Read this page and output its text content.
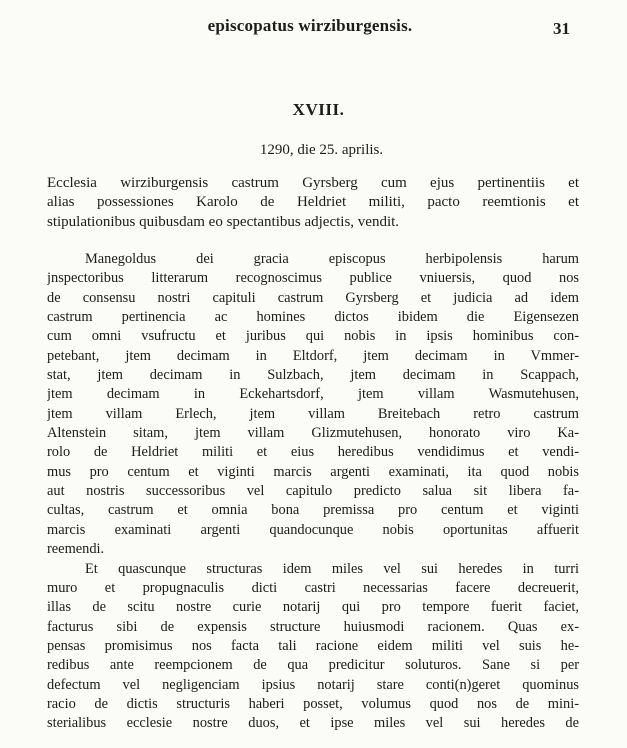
episcopatus wirziburgensis.	31
XVIII.
1290, die 25. aprilis.
Ecclesia wirziburgensis castrum Gyrsberg cum ejus pertinentiis et
alias possessiones Karolo de Heldriet militi, pacto reemtionis et
stipulationibus quibusdam eo spectantibus adjectis, vendit.
Manegoldus dei gracia episcopus herbipolensis harum
jnspectoribus litterarum recognoscimus publice vniuersis, quod nos
de consensu nostri capituli castrum Gyrsberg et judicia ad idem
castrum pertinencia ac homines dictos ibidem die Eigensezen
cum omni vsufructu et juribus qui nobis in ipsis hominibus con-
petebant, jtem decimam in Eltdorf, jtem decimam in Vmmer-
stat, jtem decimam in Sulzbach, jtem decimam in Scappach,
jtem decimam in Eckehartsdorf, jtem villam Wasmutehusen,
jtem villam Erlech, jtem villam Breitebach retro castrum
Altenstein sitam, jtem villam Glizmutehusen, honorato viro Ka-
rolo de Heldriet militi et eius heredibus vendidimus et vendi-
mus pro centum et viginti marcis argenti examinati, ita quod nobis
aut nostris successoribus vel capitulo predicto salua sit libera fa-
cultas, castrum et omnia bona premissa pro centum et viginti
marcis examinati argenti quandocunque nobis oportunitas affuerit
reemendi.
Et quascunque structuras idem miles vel sui heredes in turri
muro et propugnaculis dicti castri necessarias facere decreuerit,
illas de scitu nostre curie notarij qui pro tempore fuerit faciet,
facturus sibi de expensis structure huiusmodi racionem. Quas ex-
pensas promisimus nos facta tali racione eidem militi vel suis he-
redibus ante reempcionem de qua predicitur soluturos. Sane si per
defectum vel negligenciam ipsius notarij stare conti(n)geret quominus
racio de dictis structuris haberi posset, volumus quod nos de mini-
sterialibus ecclesie nostre duos, et ipse miles vel sui heredes de
